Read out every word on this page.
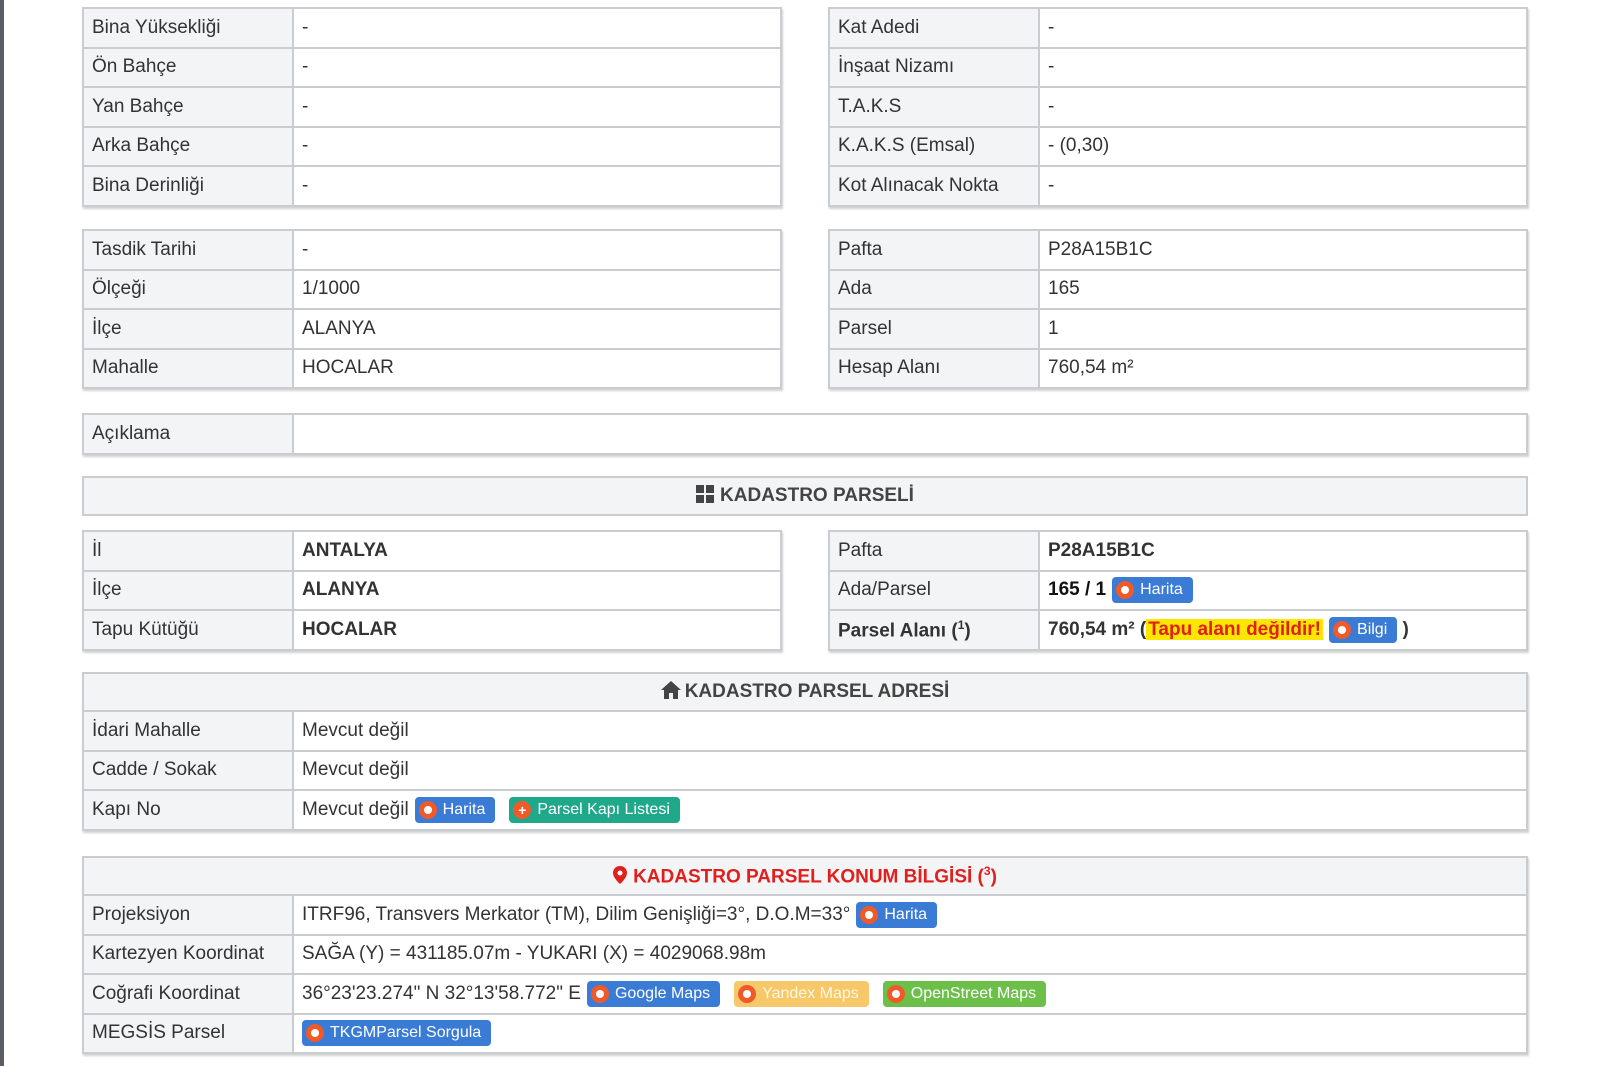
Bina Yüksekliği	-
Ön Bahçe	-
Yan Bahçe	-
Arka Bahçe	-
Bina Derinliği	-
Kat Adedi	-
İnşaat Nizamı	-
T.A.K.S	-
K.A.K.S (Emsal)	- (0,30)
Kot Alınacak Nokta	-
Tasdik Tarihi	-
Ölçeği	1/1000
İlçe	ALANYA
Mahalle	HOCALAR
Pafta	P28A15B1C
Ada	165
Parsel	1
Hesap Alanı	760,54 m²
Açıklama	
KADASTRO PARSELİ
İl	ANTALYA
İlçe	ALANYA
Tapu Kütüğü	HOCALAR
Pafta	P28A15B1C
Ada/Parsel	165 / 1 Harita

Parsel Alanı ($^1$)	760,54 m² ( Tapu alanı değildir! Bilgi )
KADASTRO PARSEL ADRESİ	
İdari Mahalle	Mevcut değil
Cadde / Sokak	Mevcut değil
Kapı No	Mevcut değil Harita + Parsel Kapı Listesi
KADASTRO PARSEL KONUM BİLGİSİ ($^3$)	
Projeksiyon	ITRF96, Transvers Merkator (TM), Dilim Genişliği=3°, D.O.M=33° Harita

Kartezyen Koordinat	SAĞA (Y) = 431185.07m - YUKARI (X) = 4029068.98m
Coğrafi Koordinat	36°23'23.274" N 32°13'58.772" E Google Maps Yandex Maps OpenStreet Maps

MEGSİS Parsel	TKGMParsel Sorgula
